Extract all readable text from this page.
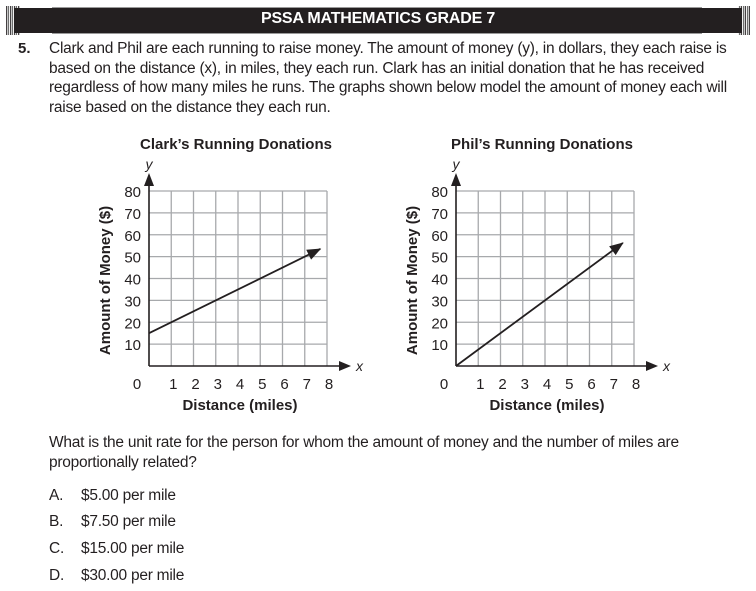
PSSA MATHEMATICS GRADE 7
5. Clark and Phil are each running to raise money. The amount of money (y), in dollars, they each raise is based on the distance (x), in miles, they each run. Clark has an initial donation that he has received regardless of how many miles he runs. The graphs shown below model the amount of money each will raise based on the distance they each run.
Clark’s Running Donations
y
x
1 2 3 4 5 6 7 8
10
20
30
40
50
60
70
80
0
Distance (miles)
Amount of Money ($)
Phil’s Running Donations
y
x
1 2 3 4 5 6 7 8
10
20
30
40
50
60
70
80
0
Distance (miles)
Amount of Money ($)
What is the unit rate for the person for whom the amount of money and the number of miles are proportionally related?
A. $5.00 per mile
B. $7.50 per mile
C. $15.00 per mile
D. $30.00 per mile
